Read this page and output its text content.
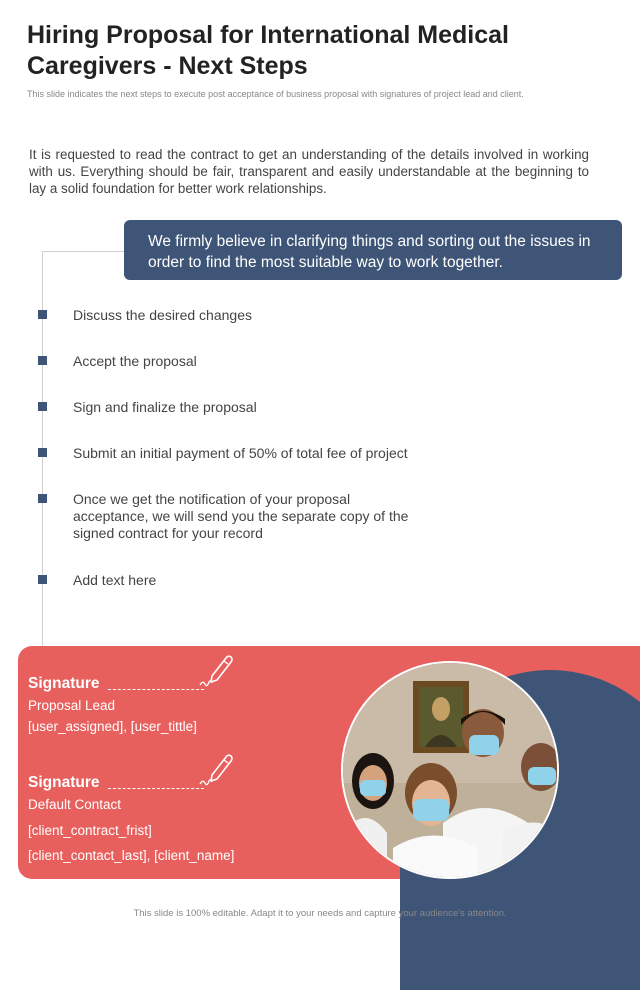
Hiring Proposal for International Medical Caregivers - Next Steps
This slide indicates the next steps to execute post acceptance of business proposal with signatures of project lead and client.
It is requested to read the contract to get an understanding of the details involved in working with us. Everything should be fair, transparent and easily understandable at the beginning to lay a solid foundation for better work relationships.
We firmly believe in clarifying things and sorting out the issues in order to find the most suitable way to work together.
Discuss the desired changes
Accept the proposal
Sign and finalize the proposal
Submit an initial payment of 50% of total fee of project
Once we get the notification of your proposal acceptance, we will send you the separate copy of the signed contract for your record
Add text here
Signature
Proposal Lead
[user_assigned], [user_tittle]
Signature
Default Contact
[client_contract_frist]
[client_contact_last], [client_name]
This slide is 100% editable. Adapt it to your needs and capture your audience's attention.
